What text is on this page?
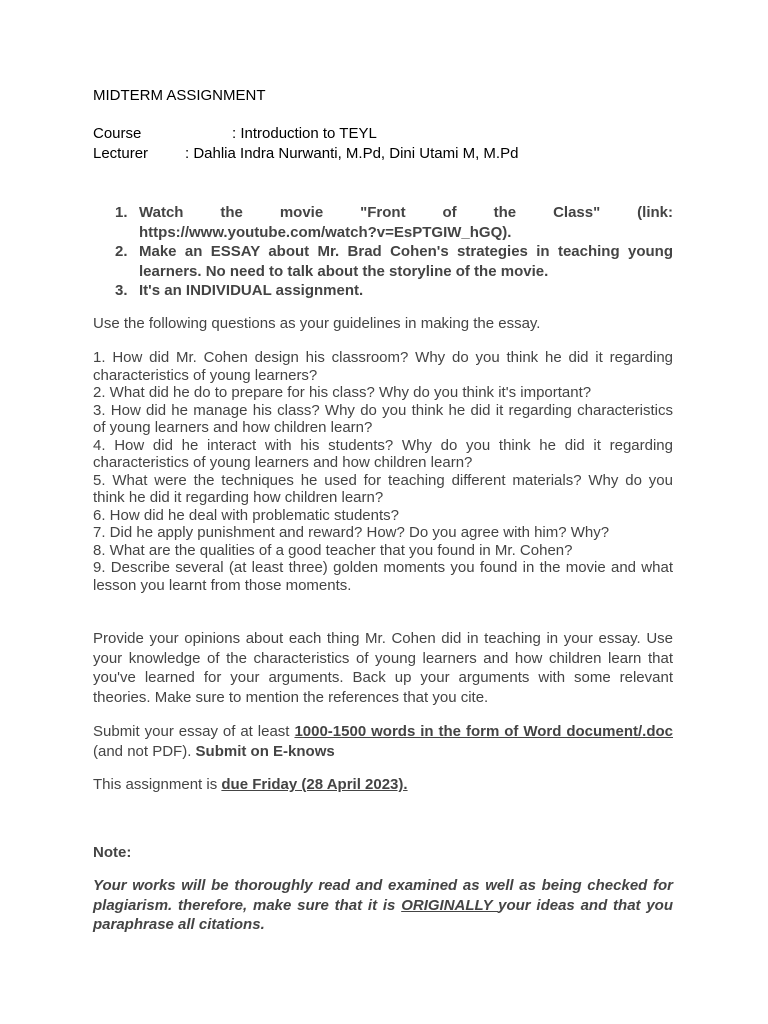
MIDTERM ASSIGNMENT
Course	: Introduction to TEYL
Lecturer : Dahlia Indra Nurwanti, M.Pd, Dini Utami M, M.Pd
1. Watch the movie "Front of the Class" (link: https://www.youtube.com/watch?v=EsPTGIW_hGQ).
2. Make an ESSAY about Mr. Brad Cohen's strategies in teaching young learners. No need to talk about the storyline of the movie.
3. It's an INDIVIDUAL assignment.

Use the following questions as your guidelines in making the essay.

1. How did Mr. Cohen design his classroom? Why do you think he did it regarding characteristics of young learners?
2. What did he do to prepare for his class? Why do you think it's important?
3. How did he manage his class? Why do you think he did it regarding characteristics of young learners and how children learn?
4. How did he interact with his students? Why do you think he did it regarding characteristics of young learners and how children learn?
5. What were the techniques he used for teaching different materials? Why do you think he did it regarding how children learn?
6. How did he deal with problematic students?
7. Did he apply punishment and reward? How? Do you agree with him? Why?
8. What are the qualities of a good teacher that you found in Mr. Cohen?
9. Describe several (at least three) golden moments you found in the movie and what lesson you learnt from those moments.

Provide your opinions about each thing Mr. Cohen did in teaching in your essay. Use your knowledge of the characteristics of young learners and how children learn that you've learned for your arguments. Back up your arguments with some relevant theories. Make sure to mention the references that you cite.

Submit your essay of at least 1000-1500 words in the form of Word document/.doc (and not PDF). Submit on E-knows

This assignment is due Friday (28 April 2023).

Note:

Your works will be thoroughly read and examined as well as being checked for plagiarism. therefore, make sure that it is ORIGINALLY your ideas and that you paraphrase all citations.
